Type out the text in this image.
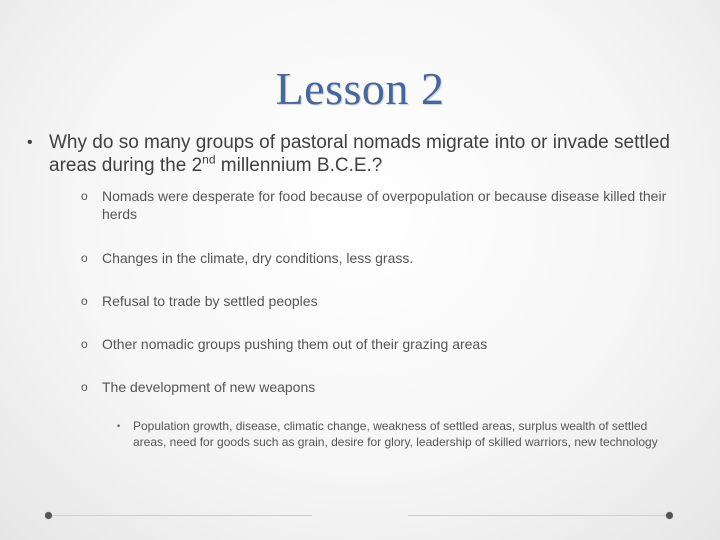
Lesson 2
• Why do so many groups of pastoral nomads migrate into or invade settled areas during the 2nd millennium B.C.E.?
o Nomads were desperate for food because of overpopulation or because disease killed their herds
o Changes in the climate, dry conditions, less grass.
o Refusal to trade by settled peoples
o Other nomadic groups pushing them out of their grazing areas
o The development of new weapons
• Population growth, disease, climatic change, weakness of settled areas, surplus wealth of settled areas, need for goods such as grain, desire for glory, leadership of skilled warriors, new technology
